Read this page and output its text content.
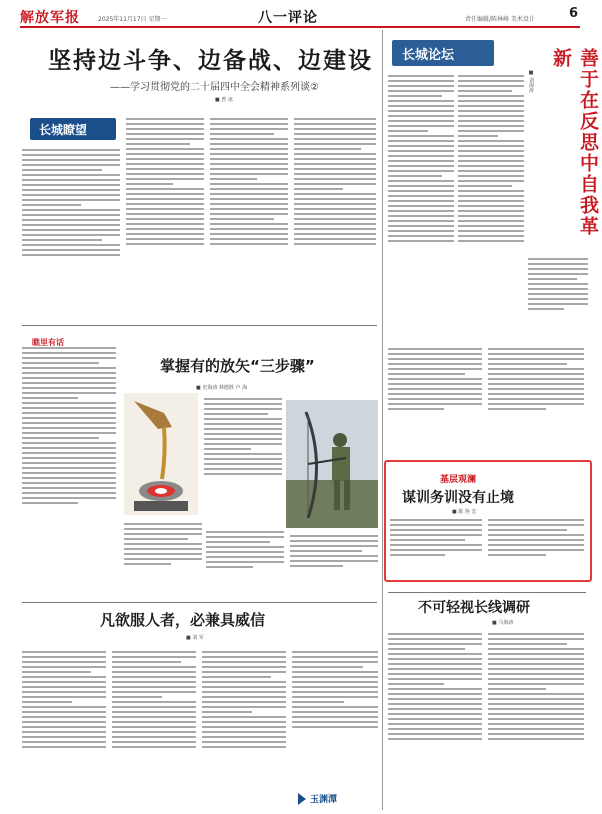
解放军报	2025年11月17日 星期一	八一评论	责任编辑/陈林峰 美术设计	6
坚持边斗争、边备战、边建设
——学习贯彻党的二十届四中全会精神系列谈②
■ 曾 冰
长城瞭望
长城论坛	善于在反思中自我革新
■ 刘海涛
基层观澜
谋训务训没有止境
■ 陈 艳 宏
瞧里有话
掌握有的放矢“三步骤”
■ 史海涛 林德胜 卢 海
凡欲服人者，必兼具威信
■ 刘 军
玉渊潭
不可轻视长线调研
■ 马海涛
